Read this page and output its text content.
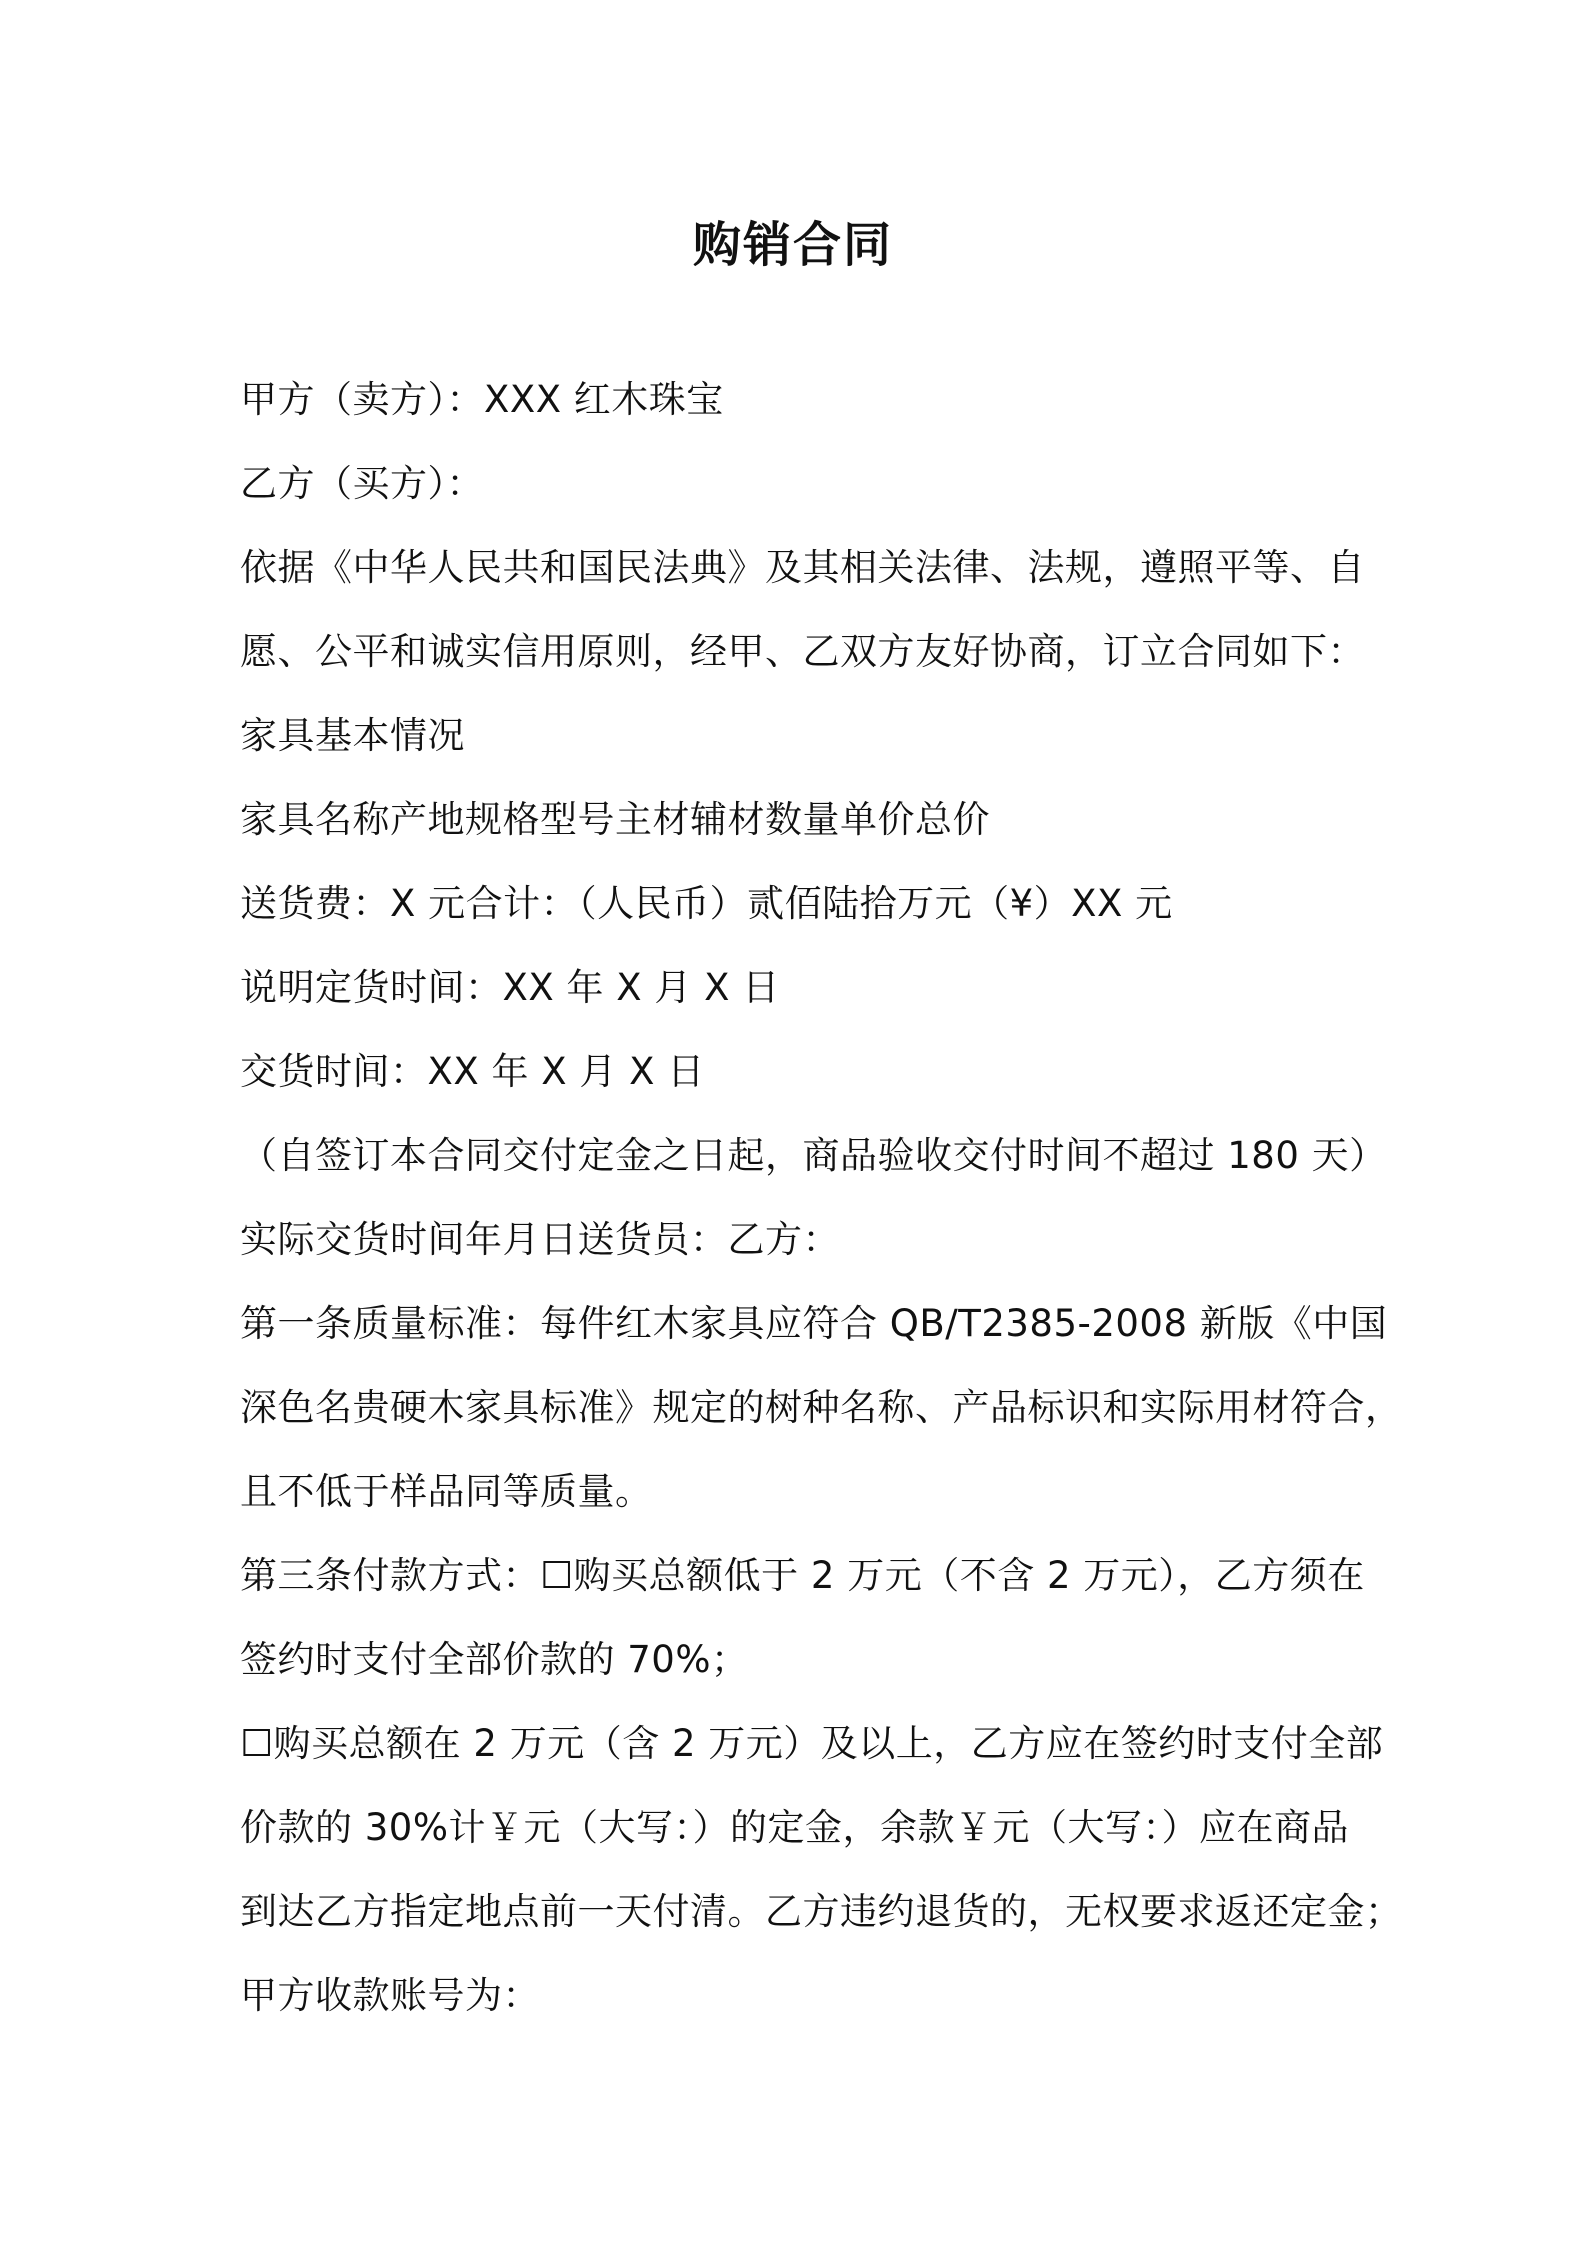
购销合同

甲方（卖方）：XXX 红木珠宝

乙方（买方）：

依据《中华人民共和国民法典》及其相关法律、法规，遵照平等、自

愿、公平和诚实信用原则，经甲、乙双方友好协商，订立合同如下：

家具基本情况

家具名称产地规格型号主材辅材数量单价总价

送货费：X 元合计：（人民币）贰佰陆拾万元（¥）XX 元

说明定货时间：XX 年 X 月 X 日

交货时间：XX 年 X 月 X 日

（自签订本合同交付定金之日起，商品验收交付时间不超过 180 天）

实际交货时间年月日送货员：乙方：

第一条质量标准：每件红木家具应符合 QB/T2385-2008 新版《中国

深色名贵硬木家具标准》规定的树种名称、产品标识和实际用材符合，

且不低于样品同等质量。

第三条付款方式：☐购买总额低于 2 万元（不含 2 万元），乙方须在

签约时支付全部价款的 70%；

☐购买总额在 2 万元（含 2 万元）及以上，乙方应在签约时支付全部

价款的 30%计￥元（大写：）的定金，余款￥元（大写：）应在商品

到达乙方指定地点前一天付清。乙方违约退货的，无权要求返还定金；

甲方收款账号为：
